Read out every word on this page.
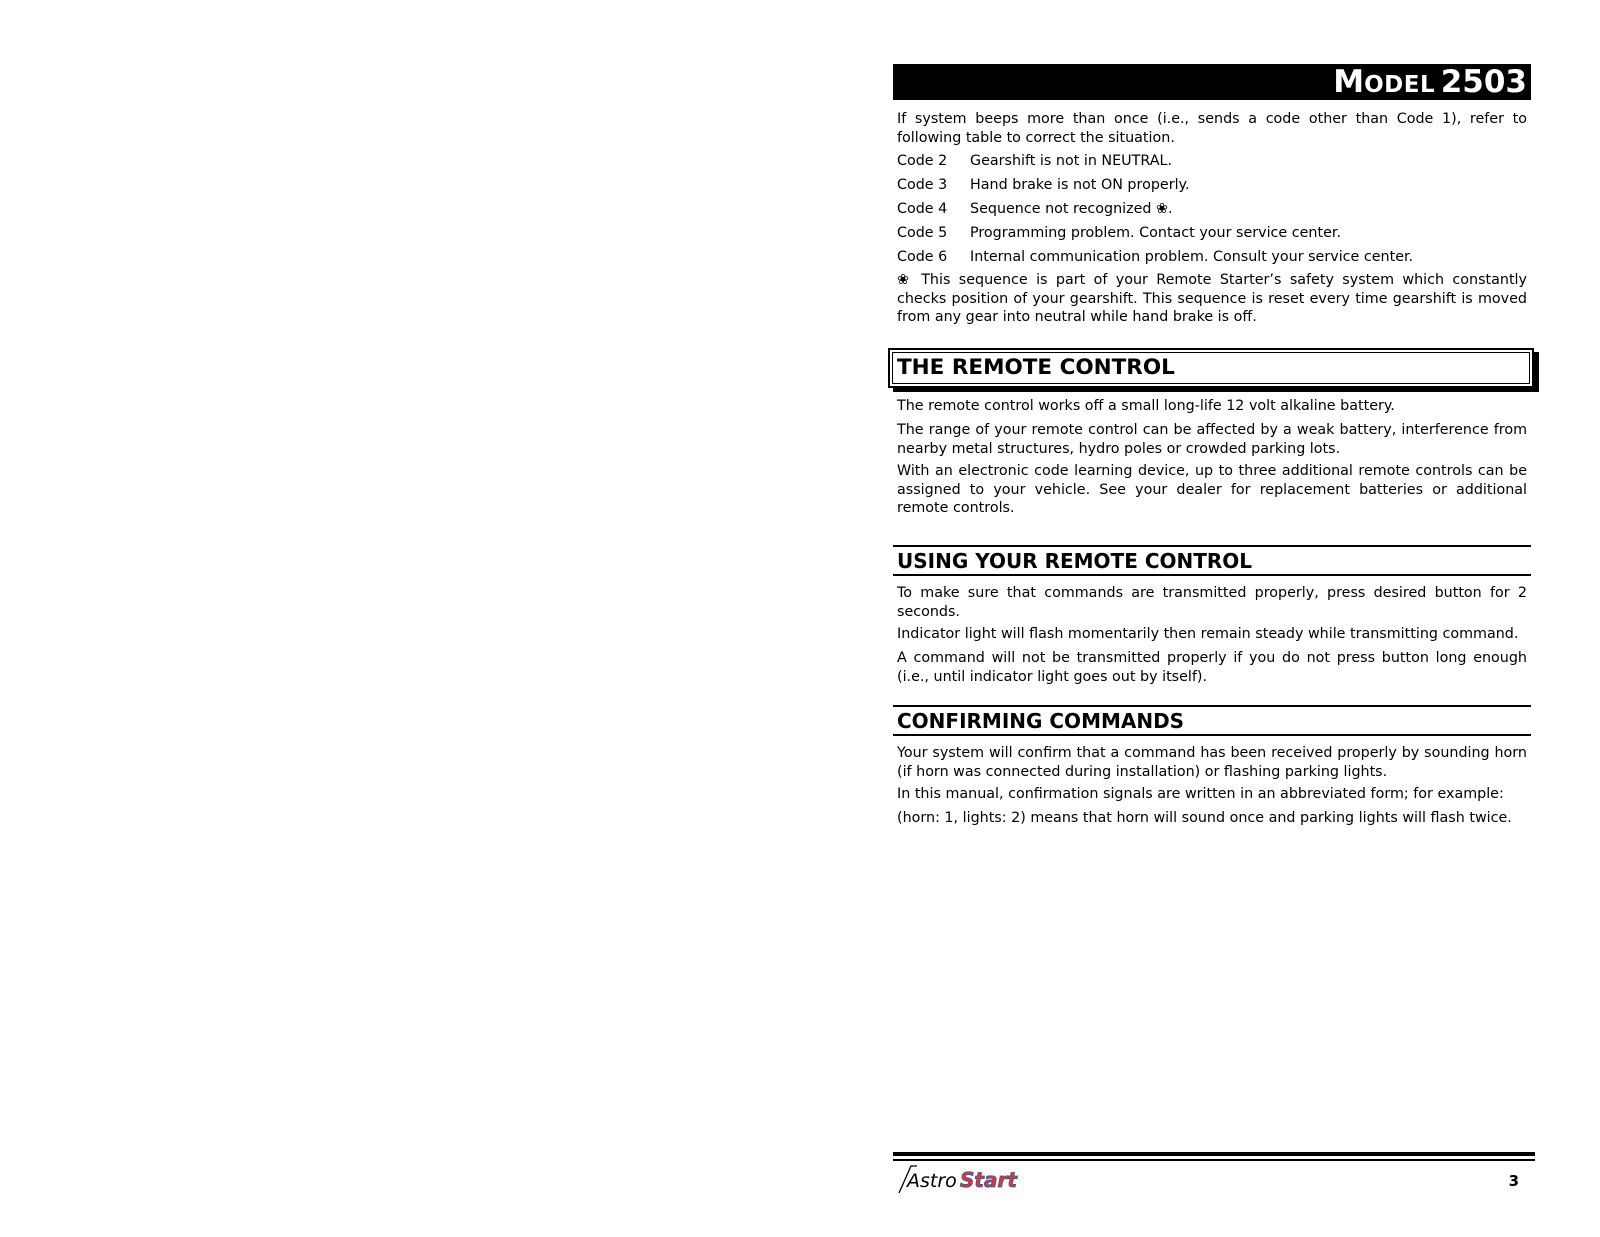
MODEL 2503
If system beeps more than once (i.e., sends a code other than Code 1), refer to following table to correct the situation.
Code 2 Gearshift is not in NEUTRAL.
Code 3 Hand brake is not ON properly.
Code 4 Sequence not recognized ❀.
Code 5 Programming problem. Contact your service center.
Code 6 Internal communication problem. Consult your service center.
❀ This sequence is part of your Remote Starter’s safety system which constantly checks position of your gearshift. This sequence is reset every time gearshift is moved from any gear into neutral while hand brake is off.
THE REMOTE CONTROL
The remote control works off a small long-life 12 volt alkaline battery.
The range of your remote control can be affected by a weak battery, interference from nearby metal structures, hydro poles or crowded parking lots.
With an electronic code learning device, up to three additional remote controls can be assigned to your vehicle. See your dealer for replacement batteries or additional remote controls.
USING YOUR REMOTE CONTROL
To make sure that commands are transmitted properly, press desired button for 2 seconds.
Indicator light will flash momentarily then remain steady while transmitting command.
A command will not be transmitted properly if you do not press button long enough (i.e., until indicator light goes out by itself).
CONFIRMING COMMANDS
Your system will confirm that a command has been received properly by sounding horn (if horn was connected during installation) or flashing parking lights.
In this manual, confirmation signals are written in an abbreviated form; for example:
(horn: 1, lights: 2) means that horn will sound once and parking lights will flash twice.
Astro Start	3
